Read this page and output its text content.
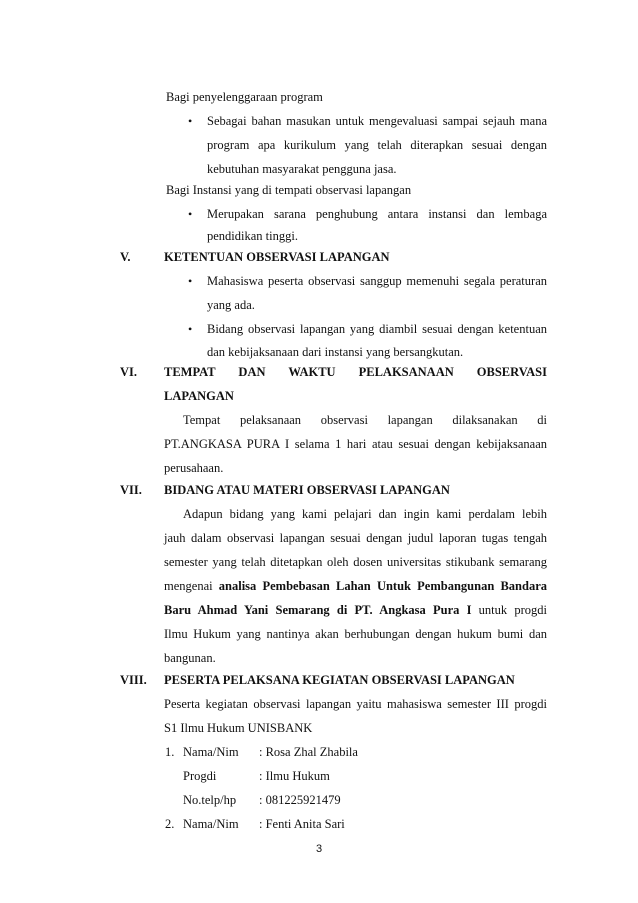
Bagi penyelenggaraan program
• Sebagai bahan masukan untuk mengevaluasi sampai sejauh mana
program apa kurikulum yang telah diterapkan sesuai dengan
kebutuhan masyarakat pengguna jasa.
Bagi Instansi yang di tempati observasi lapangan
• Merupakan sarana penghubung antara instansi dan lembaga
pendidikan tinggi.
V.	KETENTUAN OBSERVASI LAPANGAN
• Mahasiswa peserta observasi sanggup memenuhi segala peraturan
yang ada.
• Bidang observasi lapangan yang diambil sesuai dengan ketentuan
dan kebijaksanaan dari instansi yang bersangkutan.
VI. TEMPAT DAN WAKTU PELAKSANAAN OBSERVASI
LAPANGAN
Tempat pelaksanaan observasi lapangan dilaksanakan di
PT.ANGKASA PURA I selama 1 hari atau sesuai dengan kebijaksanaan
perusahaan.
VII. BIDANG ATAU MATERI OBSERVASI LAPANGAN
Adapun bidang yang kami pelajari dan ingin kami perdalam lebih
jauh dalam observasi lapangan sesuai dengan judul laporan tugas tengah
semester yang telah ditetapkan oleh dosen universitas stikubank semarang
mengenai analisa Pembebasan Lahan Untuk Pembangunan Bandara
Baru Ahmad Yani Semarang di PT. Angkasa Pura I untuk progdi
Ilmu Hukum yang nantinya akan berhubungan dengan hukum bumi dan
bangunan.
VIII. PESERTA PELAKSANA KEGIATAN OBSERVASI LAPANGAN
Peserta kegiatan observasi lapangan yaitu mahasiswa semester III progdi
S1 Ilmu Hukum UNISBANK
1. Nama/Nim : Rosa Zhal Zhabila
Progdi	: Ilmu Hukum
No.telp/hp : 081225921479
2. Nama/Nim : Fenti Anita Sari
3
